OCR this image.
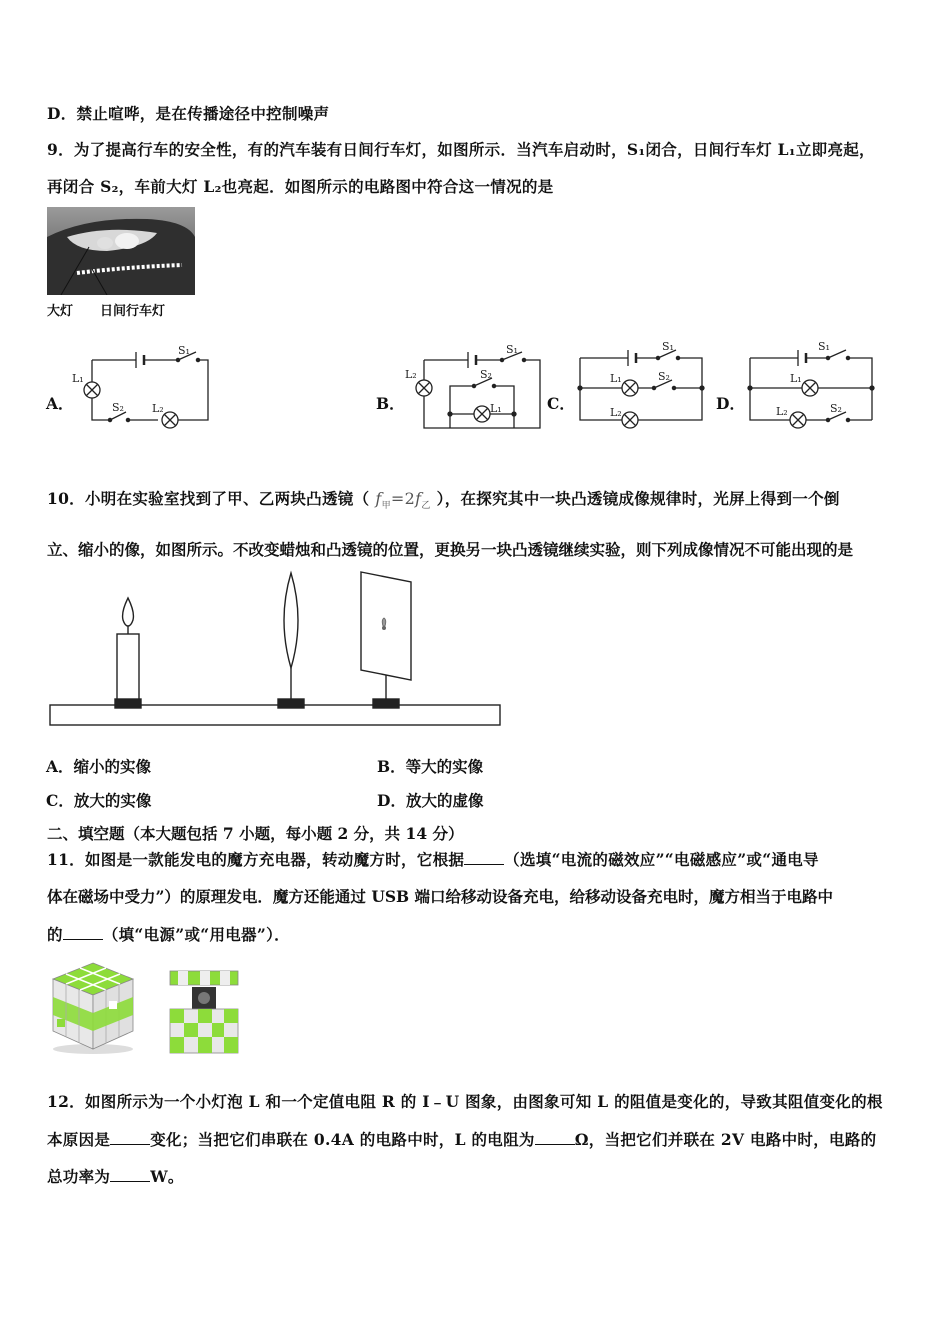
D．禁止喧哗，是在传播途径中控制噪声
9．为了提高行车的安全性，有的汽车装有日间行车灯，如图所示．当汽车启动时，S₁闭合，日间行车灯 L₁立即亮起，
再闭合 S₂，车前大灯 L₂也亮起．如图所示的电路图中符合这一情况的是
大灯 日间行车灯
A．	B．	C．	D．
S₁
L₁
S₂	L₂
S₁
L₂	S₂
L₁
S₁
L₁	S₂
L₂
S₁
L₁
L₂	S₂
10．小明在实验室找到了甲、乙两块凸透镜（ $f_甲=2f_乙$ ），在探究其中一块凸透镜成像规律时，光屏上得到一个倒
立、缩小的像，如图所示。不改变蜡烛和凸透镜的位置，更换另一块凸透镜继续实验，则下列成像情况不可能出现的是
A．缩小的实像	B．等大的实像
C．放大的实像	D．放大的虚像
二、填空题（本大题包括 7 小题，每小题 2 分，共 14 分）
11．如图是一款能发电的魔方充电器，转动魔方时，它根据	（选填“电流的磁效应”“电磁感应”或“通电导
体在磁场中受力”）的原理发电．魔方还能通过 USB 端口给移动设备充电，给移动设备充电时，魔方相当于电路中
的	（填“电源”或“用电器”）．
12．如图所示为一个小灯泡 L 和一个定值电阻 R 的 I﹣U 图象，由图象可知 L 的阻值是变化的，导致其阻值变化的根
本原因是	变化；当把它们串联在 0.4A 的电路中时，L 的电阻为	Ω，当把它们并联在 2V 电路中时，电路的
总功率为	W。
